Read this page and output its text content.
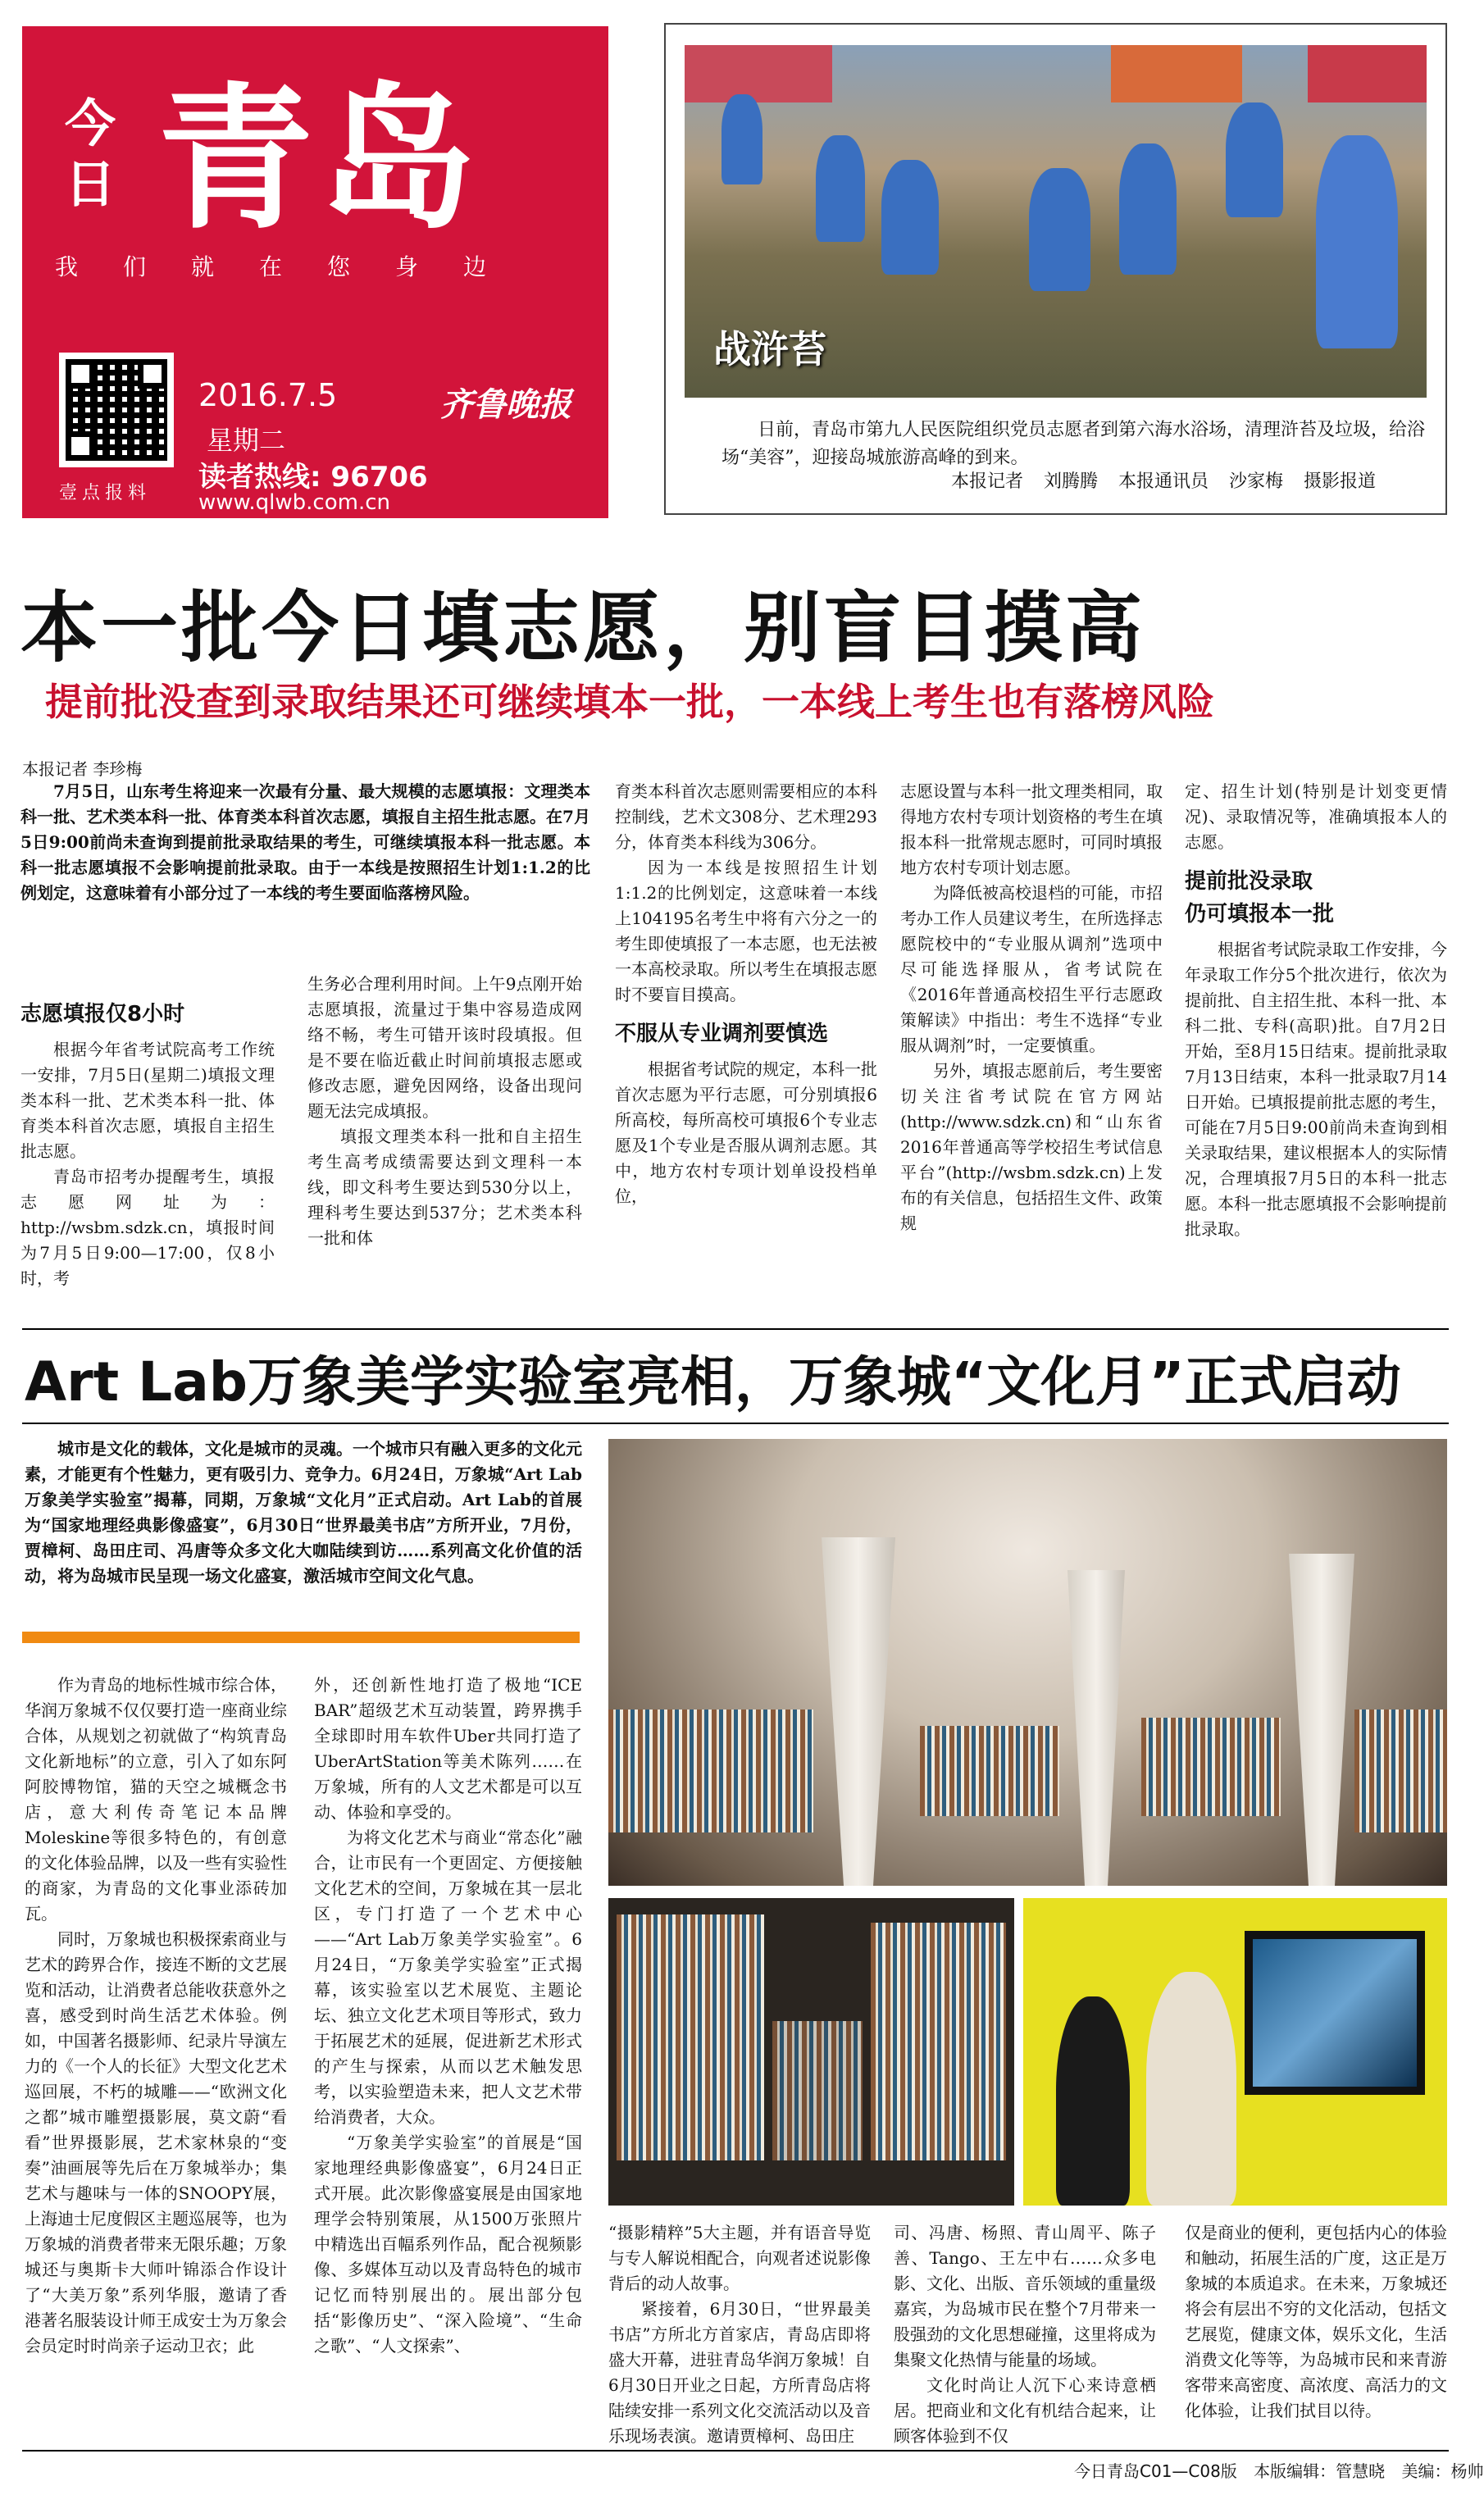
今日 青岛
我们就在您身边
壹点报料
2016.7.5
星期二
齐鲁晚报
读者热线: 96706
www.qlwb.com.cn
战浒苔
日前，青岛市第九人民医院组织党员志愿者到第六海水浴场，清理浒苔及垃圾，给浴场“美容”，迎接岛城旅游高峰的到来。
本报记者 刘腾腾 本报通讯员 沙家梅 摄影报道
本一批今日填志愿，别盲目摸高
提前批没查到录取结果还可继续填本一批，一本线上考生也有落榜风险
本报记者 李珍梅

7月5日，山东考生将迎来一次最有分量、最大规模的志愿填报：文理类本科一批、艺术类本科一批、体育类本科首次志愿，填报自主招生批志愿。在7月5日9:00前尚未查询到提前批录取结果的考生，可继续填报本科一批志愿。本科一批志愿填报不会影响提前批录取。由于一本线是按照招生计划1:1.2的比例划定，这意味着有小部分过了一本线的考生要面临落榜风险。

志愿填报仅8小时

根据今年省考试院高考工作统一安排，7月5日(星期二)填报文理类本科一批、艺术类本科一批、体育类本科首次志愿，填报自主招生批志愿。

青岛市招考办提醒考生，填报志愿网址为：http://wsbm.sdzk.cn，填报时间为7月5日9:00—17:00，仅8小时，考

生务必合理利用时间。上午9点刚开始志愿填报，流量过于集中容易造成网络不畅，考生可错开该时段填报。但是不要在临近截止时间前填报志愿或修改志愿，避免因网络，设备出现问题无法完成填报。

填报文理类本科一批和自主招生考生高考成绩需要达到文理科一本线，即文科考生要达到530分以上，理科考生要达到537分；艺术类本科一批和体

育类本科首次志愿则需要相应的本科控制线，艺术文308分、艺术理293分，体育类本科线为306分。

因为一本线是按照招生计划1:1.2的比例划定，这意味着一本线上104195名考生中将有六分之一的考生即使填报了一本志愿，也无法被一本高校录取。所以考生在填报志愿时不要盲目摸高。

不服从专业调剂要慎选

根据省考试院的规定，本科一批首次志愿为平行志愿，可分别填报6所高校，每所高校可填报6个专业志愿及1个专业是否服从调剂志愿。其中，地方农村专项计划单设投档单位，

志愿设置与本科一批文理类相同，取得地方农村专项计划资格的考生在填报本科一批常规志愿时，可同时填报地方农村专项计划志愿。

为降低被高校退档的可能，市招考办工作人员建议考生，在所选择志愿院校中的“专业服从调剂”选项中尽可能选择服从，省考试院在《2016年普通高校招生平行志愿政策解读》中指出：考生不选择“专业服从调剂”时，一定要慎重。

另外，填报志愿前后，考生要密切关注省考试院在官方网站(http://www.sdzk.cn)和“山东省2016年普通高等学校招生考试信息平台”(http://wsbm.sdzk.cn)上发布的有关信息，包括招生文件、政策规

定、招生计划(特别是计划变更情况)、录取情况等，准确填报本人的志愿。

提前批没录取
仍可填报本一批

根据省考试院录取工作安排，今年录取工作分5个批次进行，依次为提前批、自主招生批、本科一批、本科二批、专科(高职)批。自7月2日开始，至8月15日结束。提前批录取7月13日结束，本科一批录取7月14日开始。已填报提前批志愿的考生，可能在7月5日9:00前尚未查询到相关录取结果，建议根据本人的实际情况，合理填报7月5日的本科一批志愿。本科一批志愿填报不会影响提前批录取。

Art Lab万象美学实验室亮相，万象城“文化月”正式启动

城市是文化的载体，文化是城市的灵魂。一个城市只有融入更多的文化元素，才能更有个性魅力，更有吸引力、竞争力。6月24日，万象城“Art Lab万象美学实验室”揭幕，同期，万象城“文化月”正式启动。Art Lab的首展为“国家地理经典影像盛宴”，6月30日“世界最美书店”方所开业，7月份，贾樟柯、岛田庄司、冯唐等众多文化大咖陆续到访……系列高文化价值的活动，将为岛城市民呈现一场文化盛宴，激活城市空间文化气息。

作为青岛的地标性城市综合体，华润万象城不仅仅要打造一座商业综合体，从规划之初就做了“构筑青岛文化新地标”的立意，引入了如东阿阿胶博物馆，猫的天空之城概念书店，意大利传奇笔记本品牌Moleskine等很多特色的，有创意的文化体验品牌，以及一些有实验性的商家，为青岛的文化事业添砖加瓦。

同时，万象城也积极探索商业与艺术的跨界合作，接连不断的文艺展览和活动，让消费者总能收获意外之喜，感受到时尚生活艺术体验。例如，中国著名摄影师、纪录片导演左力的《一个人的长征》大型文化艺术巡回展，不朽的城雕——“欧洲文化之都”城市雕塑摄影展，莫文蔚“看看”世界摄影展，艺术家林泉的“变奏”油画展等先后在万象城举办；集艺术与趣味与一体的SNOOPY展，上海迪士尼度假区主题巡展等，也为万象城的消费者带来无限乐趣；万象城还与奥斯卡大师叶锦添合作设计了“大美万象”系列华服，邀请了香港著名服装设计师王成安士为万象会会员定时时尚亲子运动卫衣；此

外，还创新性地打造了极地“ICE BAR”超级艺术互动装置，跨界携手全球即时用车软件Uber共同打造了UberArtStation等美术陈列……在万象城，所有的人文艺术都是可以互动、体验和享受的。

为将文化艺术与商业“常态化”融合，让市民有一个更固定、方便接触文化艺术的空间，万象城在其一层北区，专门打造了一个艺术中心——“Art Lab万象美学实验室”。6月24日，“万象美学实验室”正式揭幕，该实验室以艺术展览、主题论坛、独立文化艺术项目等形式，致力于拓展艺术的延展，促进新艺术形式的产生与探索，从而以艺术触发思考，以实验塑造未来，把人文艺术带给消费者，大众。

“万象美学实验室”的首展是“国家地理经典影像盛宴”，6月24日正式开展。此次影像盛宴展是由国家地理学会特别策展，从1500万张照片中精选出百幅系列作品，配合视频影像、多媒体互动以及青岛特色的城市记忆而特别展出的。展出部分包括“影像历史”、“深入险境”、“生命之歌”、“人文探索”、

“摄影精粹”5大主题，并有语音导览与专人解说相配合，向观者述说影像背后的动人故事。

紧接着，6月30日，“世界最美书店”方所北方首家店，青岛店即将盛大开幕，进驻青岛华润万象城！自6月30日开业之日起，方所青岛店将陆续安排一系列文化交流活动以及音乐现场表演。邀请贾樟柯、岛田庄

司、冯唐、杨照、青山周平、陈子善、Tango、王左中右……众多电影、文化、出版、音乐领域的重量级嘉宾，为岛城市民在整个7月带来一股强劲的文化思想碰撞，这里将成为集聚文化热情与能量的场域。

文化时尚让人沉下心来诗意栖居。把商业和文化有机结合起来，让顾客体验到不仅

仅是商业的便利，更包括内心的体验和触动，拓展生活的广度，这正是万象城的本质追求。在未来，万象城还将会有层出不穷的文化活动，包括文艺展览，健康文体，娱乐文化，生活消费文化等等，为岛城市民和来青游客带来高密度、高浓度、高活力的文化体验，让我们拭目以待。

今日青岛C01—C08版 本版编辑：管慧晓 美编：杨帅
